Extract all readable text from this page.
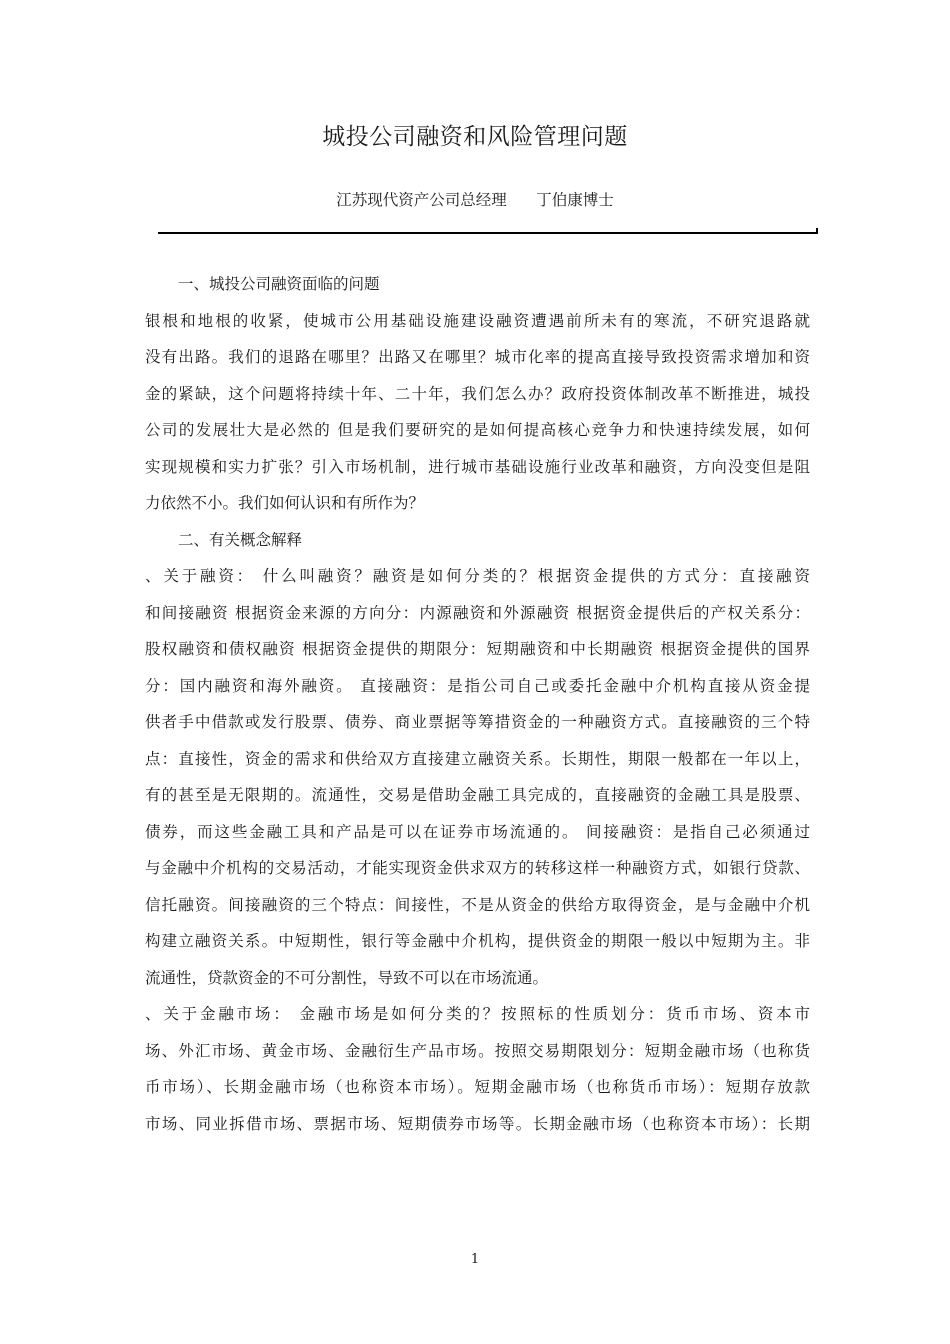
城投公司融资和风险管理问题
江苏现代资产公司总经理      丁伯康博士
一、城投公司融资面临的问题
银根和地根的收紧，使城市公用基础设施建设融资遭遇前所未有的寒流，不研究退路就
没有出路。我们的退路在哪里？出路又在哪里？城市化率的提高直接导致投资需求增加和资
金的紧缺，这个问题将持续十年、二十年，我们怎么办？政府投资体制改革不断推进，城投
公司的发展壮大是必然的 但是我们要研究的是如何提高核心竞争力和快速持续发展，如何
实现规模和实力扩张？引入市场机制，进行城市基础设施行业改革和融资，方向没变但是阻
力依然不小。我们如何认识和有所作为？
二、有关概念解释
、关于融资： 什么叫融资？融资是如何分类的？根据资金提供的方式分：直接融资
和间接融资 根据资金来源的方向分：内源融资和外源融资 根据资金提供后的产权关系分：
股权融资和债权融资 根据资金提供的期限分：短期融资和中长期融资 根据资金提供的国界
分：国内融资和海外融资。 直接融资：是指公司自己或委托金融中介机构直接从资金提
供者手中借款或发行股票、债券、商业票据等筹措资金的一种融资方式。直接融资的三个特
点：直接性，资金的需求和供给双方直接建立融资关系。长期性，期限一般都在一年以上，
有的甚至是无限期的。流通性，交易是借助金融工具完成的，直接融资的金融工具是股票、
债券，而这些金融工具和产品是可以在证券市场流通的。 间接融资：是指自己必须通过
与金融中介机构的交易活动，才能实现资金供求双方的转移这样一种融资方式，如银行贷款、
信托融资。间接融资的三个特点：间接性，不是从资金的供给方取得资金，是与金融中介机
构建立融资关系。中短期性，银行等金融中介机构，提供资金的期限一般以中短期为主。非
流通性，贷款资金的不可分割性，导致不可以在市场流通。
、关于金融市场： 金融市场是如何分类的？按照标的性质划分：货币市场、资本市
场、外汇市场、黄金市场、金融衍生产品市场。按照交易期限划分：短期金融市场（也称货
币市场）、长期金融市场（也称资本市场）。短期金融市场（也称货币市场）：短期存放款
市场、同业拆借市场、票据市场、短期债券市场等。长期金融市场（也称资本市场）：长期
1
